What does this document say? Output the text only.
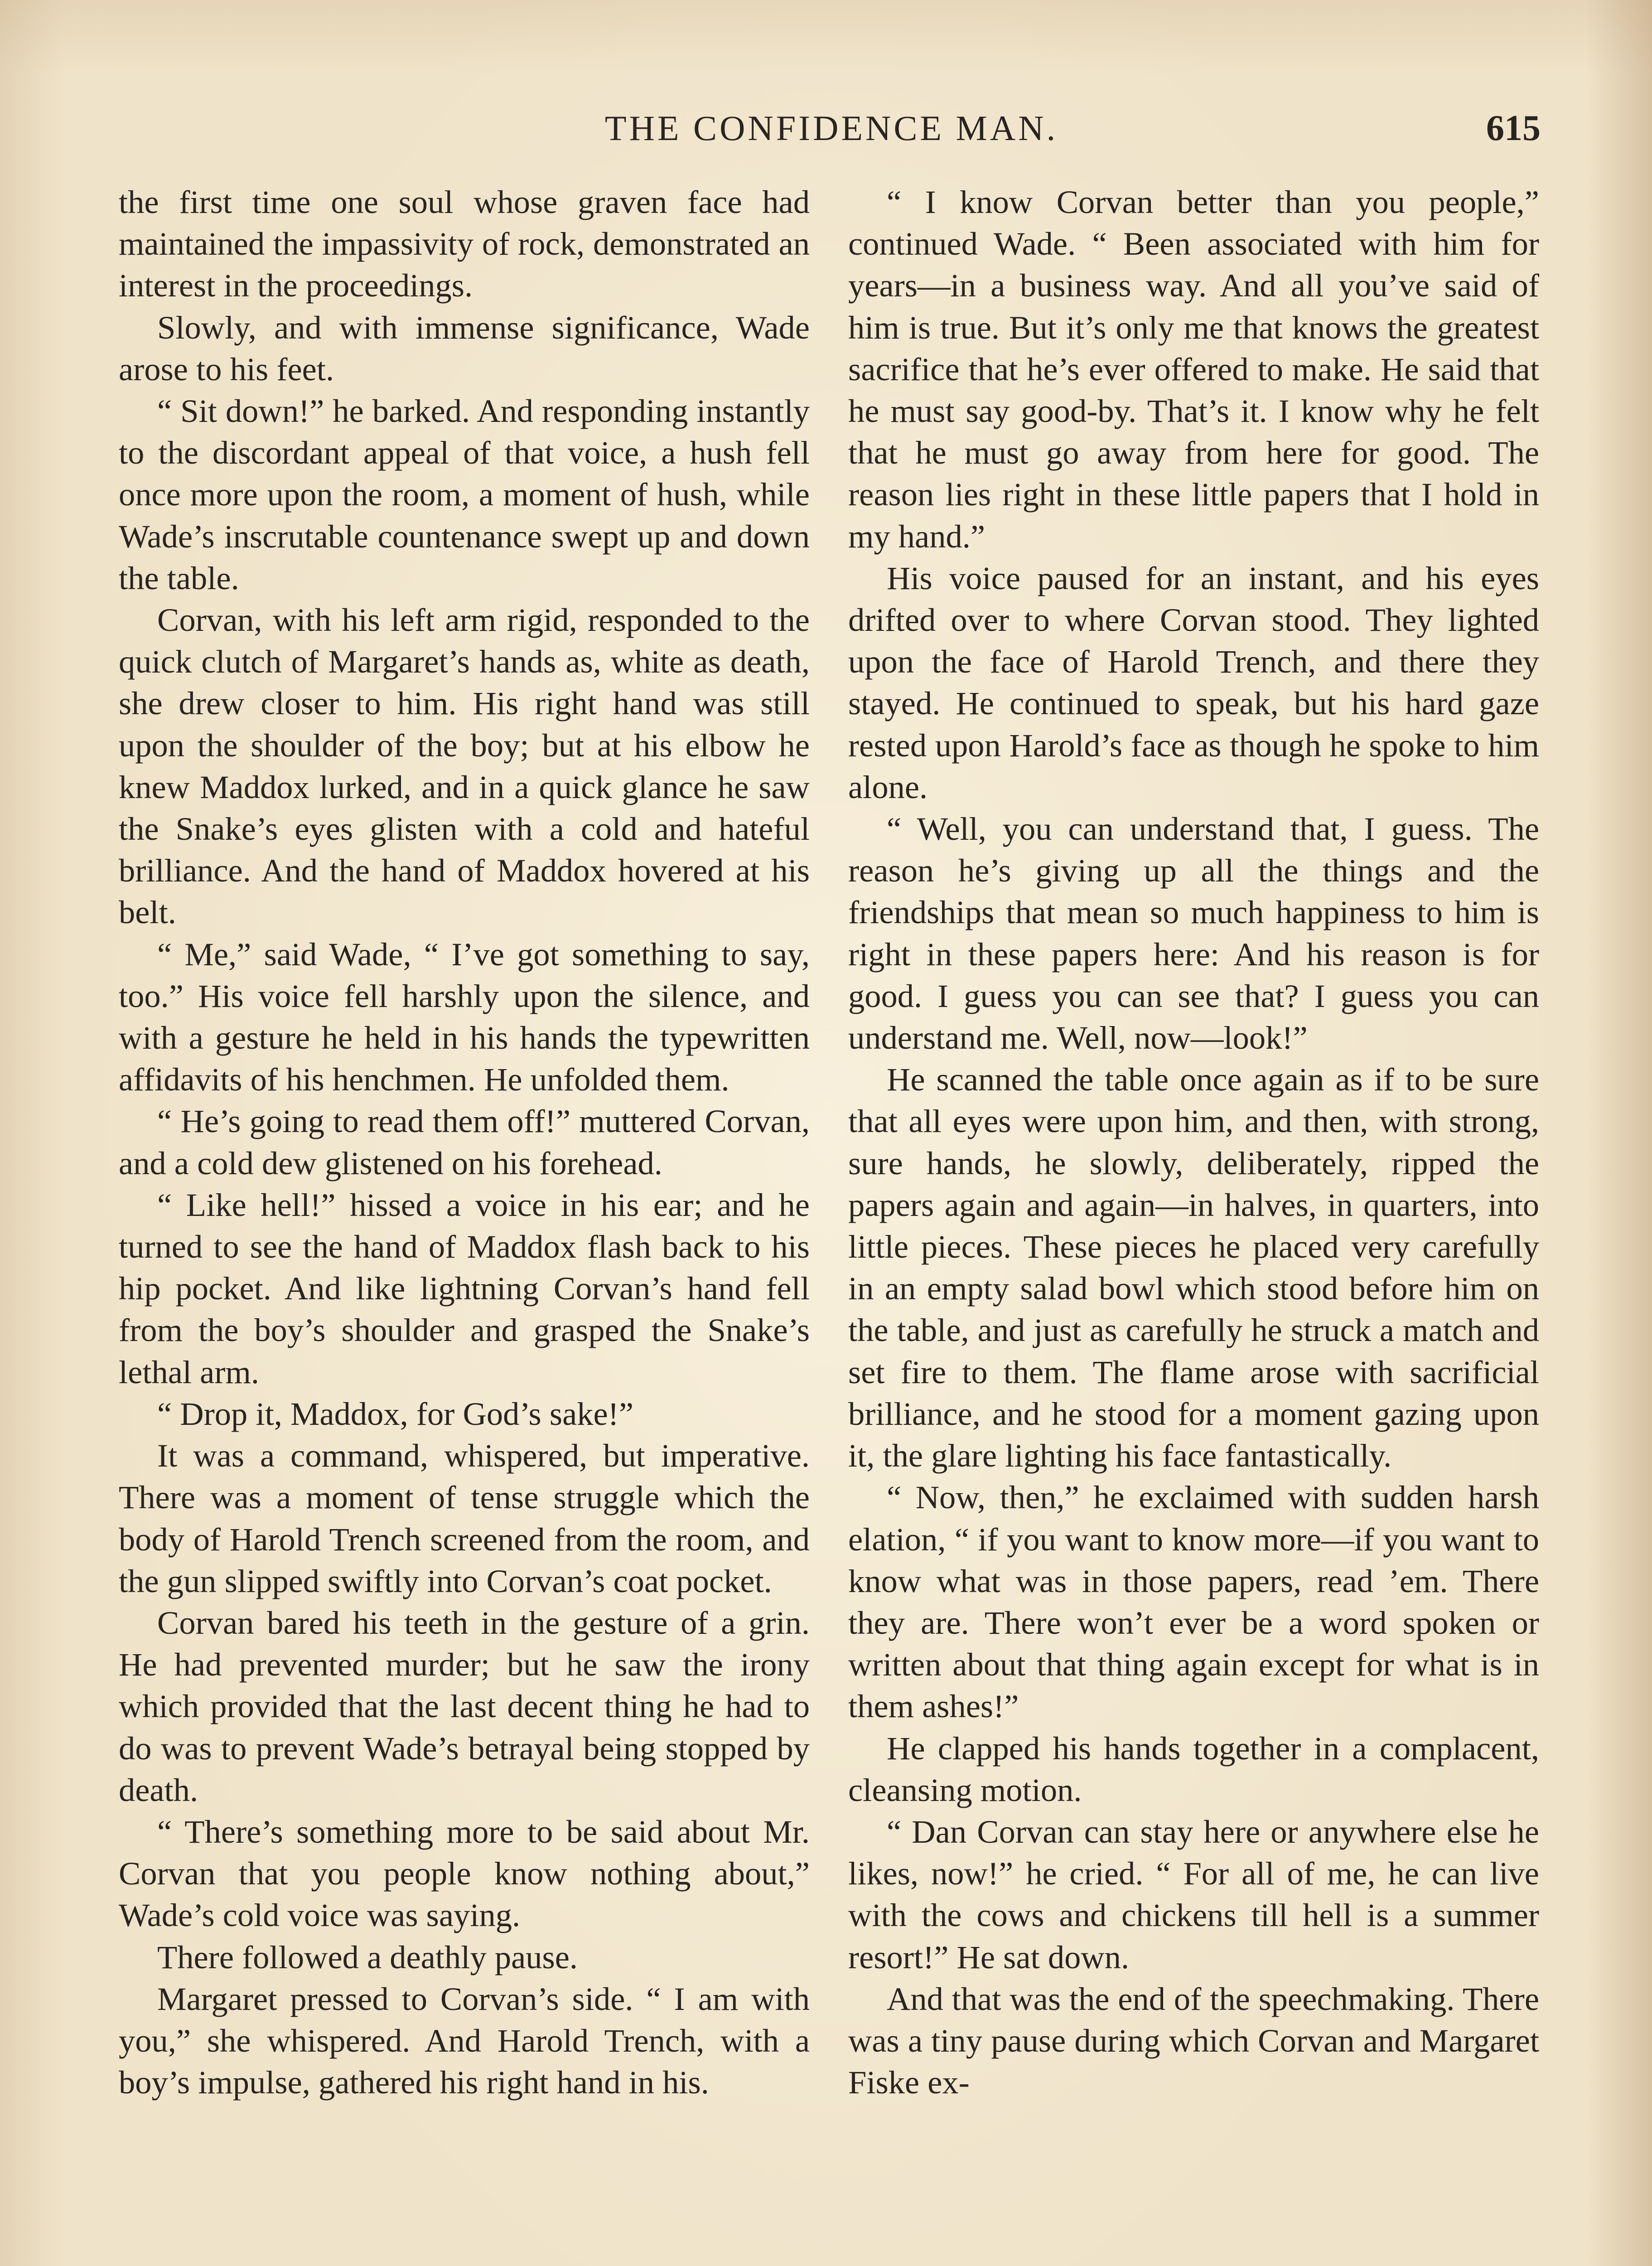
THE CONFIDENCE MAN.	615

the first time one soul whose graven face had maintained the impassivity of rock, demonstrated an interest in the proceedings.

Slowly, and with immense significance, Wade arose to his feet.

“ Sit down!” he barked. And responding instantly to the discordant appeal of that voice, a hush fell once more upon the room, a moment of hush, while Wade’s inscrutable countenance swept up and down the table.

Corvan, with his left arm rigid, responded to the quick clutch of Margaret’s hands as, white as death, she drew closer to him. His right hand was still upon the shoulder of the boy; but at his elbow he knew Maddox lurked, and in a quick glance he saw the Snake’s eyes glisten with a cold and hateful brilliance. And the hand of Maddox hovered at his belt.

“ Me,” said Wade, “ I’ve got something to say, too.” His voice fell harshly upon the silence, and with a gesture he held in his hands the typewritten affidavits of his henchmen. He unfolded them.

“ He’s going to read them off!” muttered Corvan, and a cold dew glistened on his forehead.

“ Like hell!” hissed a voice in his ear; and he turned to see the hand of Maddox flash back to his hip pocket. And like lightning Corvan’s hand fell from the boy’s shoulder and grasped the Snake’s lethal arm.

“ Drop it, Maddox, for God’s sake!”

It was a command, whispered, but imperative. There was a moment of tense struggle which the body of Harold Trench screened from the room, and the gun slipped swiftly into Corvan’s coat pocket.

Corvan bared his teeth in the gesture of a grin. He had prevented murder; but he saw the irony which provided that the last decent thing he had to do was to prevent Wade’s betrayal being stopped by death.

“ There’s something more to be said about Mr. Corvan that you people know nothing about,” Wade’s cold voice was saying.

There followed a deathly pause.

Margaret pressed to Corvan’s side. “ I am with you,” she whispered. And Harold Trench, with a boy’s impulse, gathered his right hand in his.

“ I know Corvan better than you people,” continued Wade. “ Been associated with him for years—in a business way. And all you’ve said of him is true. But it’s only me that knows the greatest sacrifice that he’s ever offered to make. He said that he must say good-by. That’s it. I know why he felt that he must go away from here for good. The reason lies right in these little papers that I hold in my hand.”

His voice paused for an instant, and his eyes drifted over to where Corvan stood. They lighted upon the face of Harold Trench, and there they stayed. He continued to speak, but his hard gaze rested upon Harold’s face as though he spoke to him alone.

“ Well, you can understand that, I guess. The reason he’s giving up all the things and the friendships that mean so much happiness to him is right in these papers here: And his reason is for good. I guess you can see that? I guess you can understand me. Well, now—look!”

He scanned the table once again as if to be sure that all eyes were upon him, and then, with strong, sure hands, he slowly, deliberately, ripped the papers again and again—in halves, in quarters, into little pieces. These pieces he placed very carefully in an empty salad bowl which stood before him on the table, and just as carefully he struck a match and set fire to them. The flame arose with sacrificial brilliance, and he stood for a moment gazing upon it, the glare lighting his face fantastically.

“ Now, then,” he exclaimed with sudden harsh elation, “ if you want to know more—if you want to know what was in those papers, read ’em. There they are. There won’t ever be a word spoken or written about that thing again except for what is in them ashes!”

He clapped his hands together in a complacent, cleansing motion.

“ Dan Corvan can stay here or anywhere else he likes, now!” he cried. “ For all of me, he can live with the cows and chickens till hell is a summer resort!” He sat down.

And that was the end of the speechmaking. There was a tiny pause during which Corvan and Margaret Fiske ex-
